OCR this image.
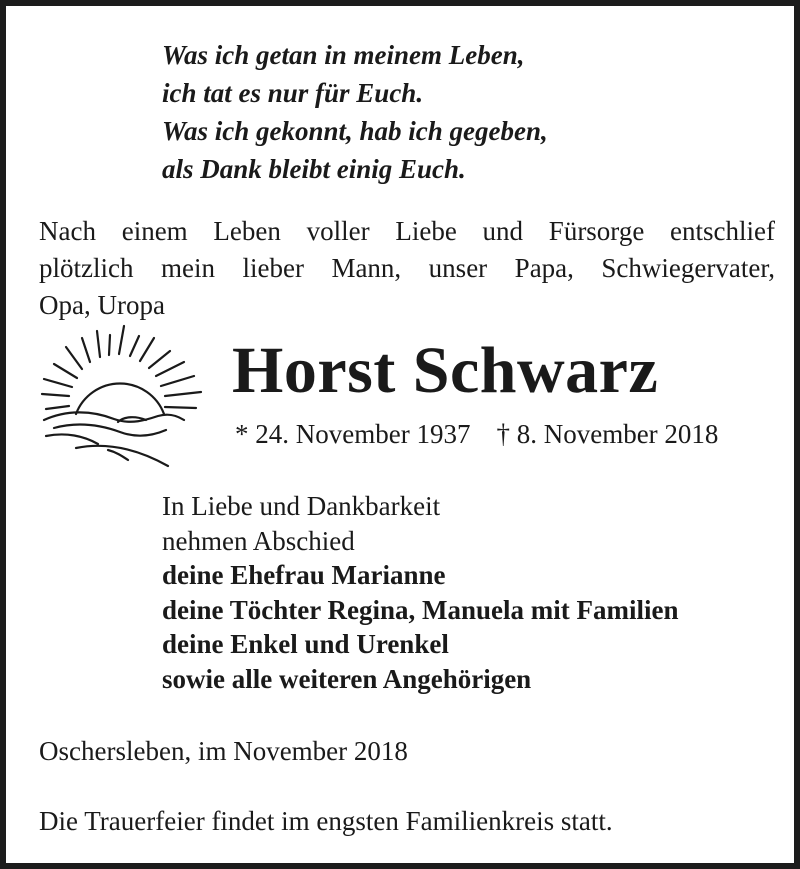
Was ich getan in meinem Leben,
ich tat es nur für Euch.
Was ich gekonnt, hab ich gegeben,
als Dank bleibt einig Euch.
Nach einem Leben voller Liebe und Fürsorge entschlief
plötzlich mein lieber Mann, unser Papa, Schwiegervater,
Opa, Uropa
Horst Schwarz
* 24. November 1937 † 8. November 2018
In Liebe und Dankbarkeit
nehmen Abschied
deine Ehefrau Marianne
deine Töchter Regina, Manuela mit Familien
deine Enkel und Urenkel
sowie alle weiteren Angehörigen
Oschersleben, im November 2018
Die Trauerfeier findet im engsten Familienkreis statt.
